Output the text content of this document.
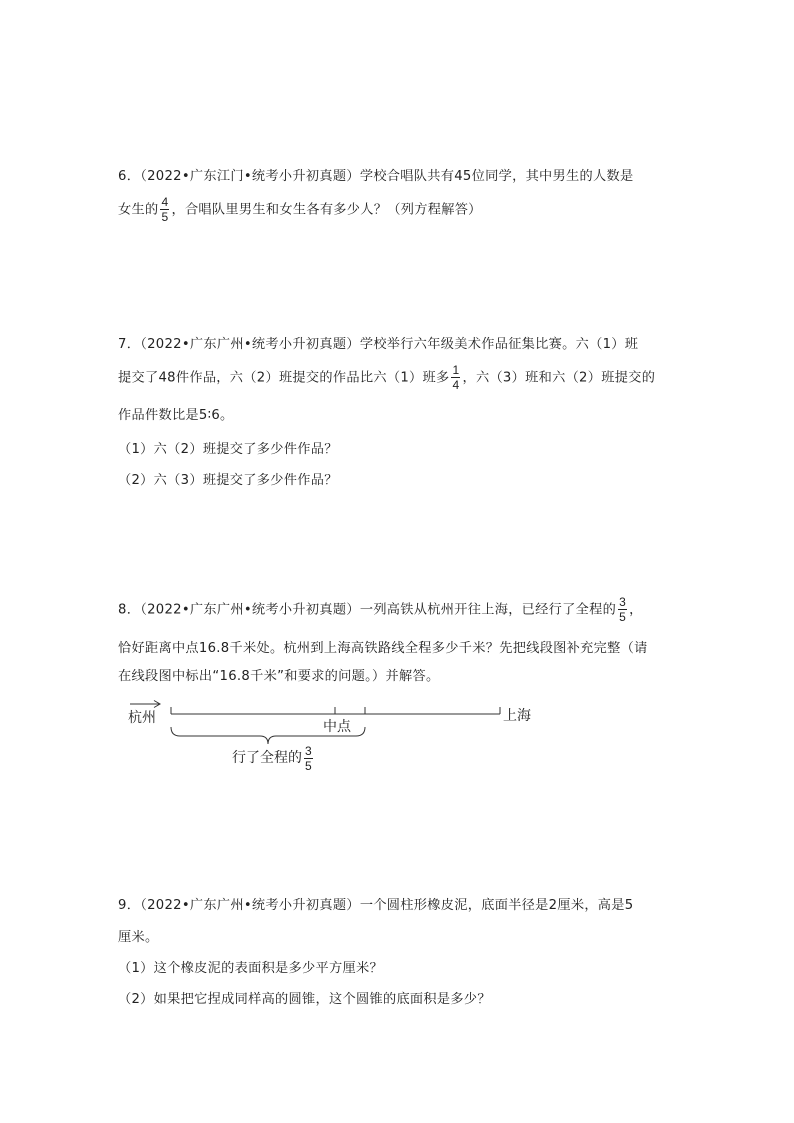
6．（2022•广东江门•统考小升初真题）学校合唱队共有45位同学，其中男生的人数是
女生的 $\frac{4}{5}$ ，合唱队里男生和女生各有多少人？（列方程解答）
7．（2022•广东广州•统考小升初真题）学校举行六年级美术作品征集比赛。六（1）班
提交了48件作品，六（2）班提交的作品比六（1）班多 $\frac{1}{4}$ ，六（3）班和六（2）班提交的
作品件数比是5∶6。
（1）六（2）班提交了多少件作品？
（2）六（3）班提交了多少件作品？
8．（2022•广东广州•统考小升初真题）一列高铁从杭州开往上海，已经行了全程的 $\frac{3}{5}$ ，
恰好距离中点16.8千米处。杭州到上海高铁路线全程多少千米？先把线段图补充完整（请
在线段图中标出“16.8千米”和要求的问题。）并解答。
杭州	上海
中点
行了全程的 $\frac{3}{5}$
9．（2022•广东广州•统考小升初真题）一个圆柱形橡皮泥，底面半径是2厘米，高是5
厘米。
（1）这个橡皮泥的表面积是多少平方厘米？
（2）如果把它捏成同样高的圆锥，这个圆锥的底面积是多少？
